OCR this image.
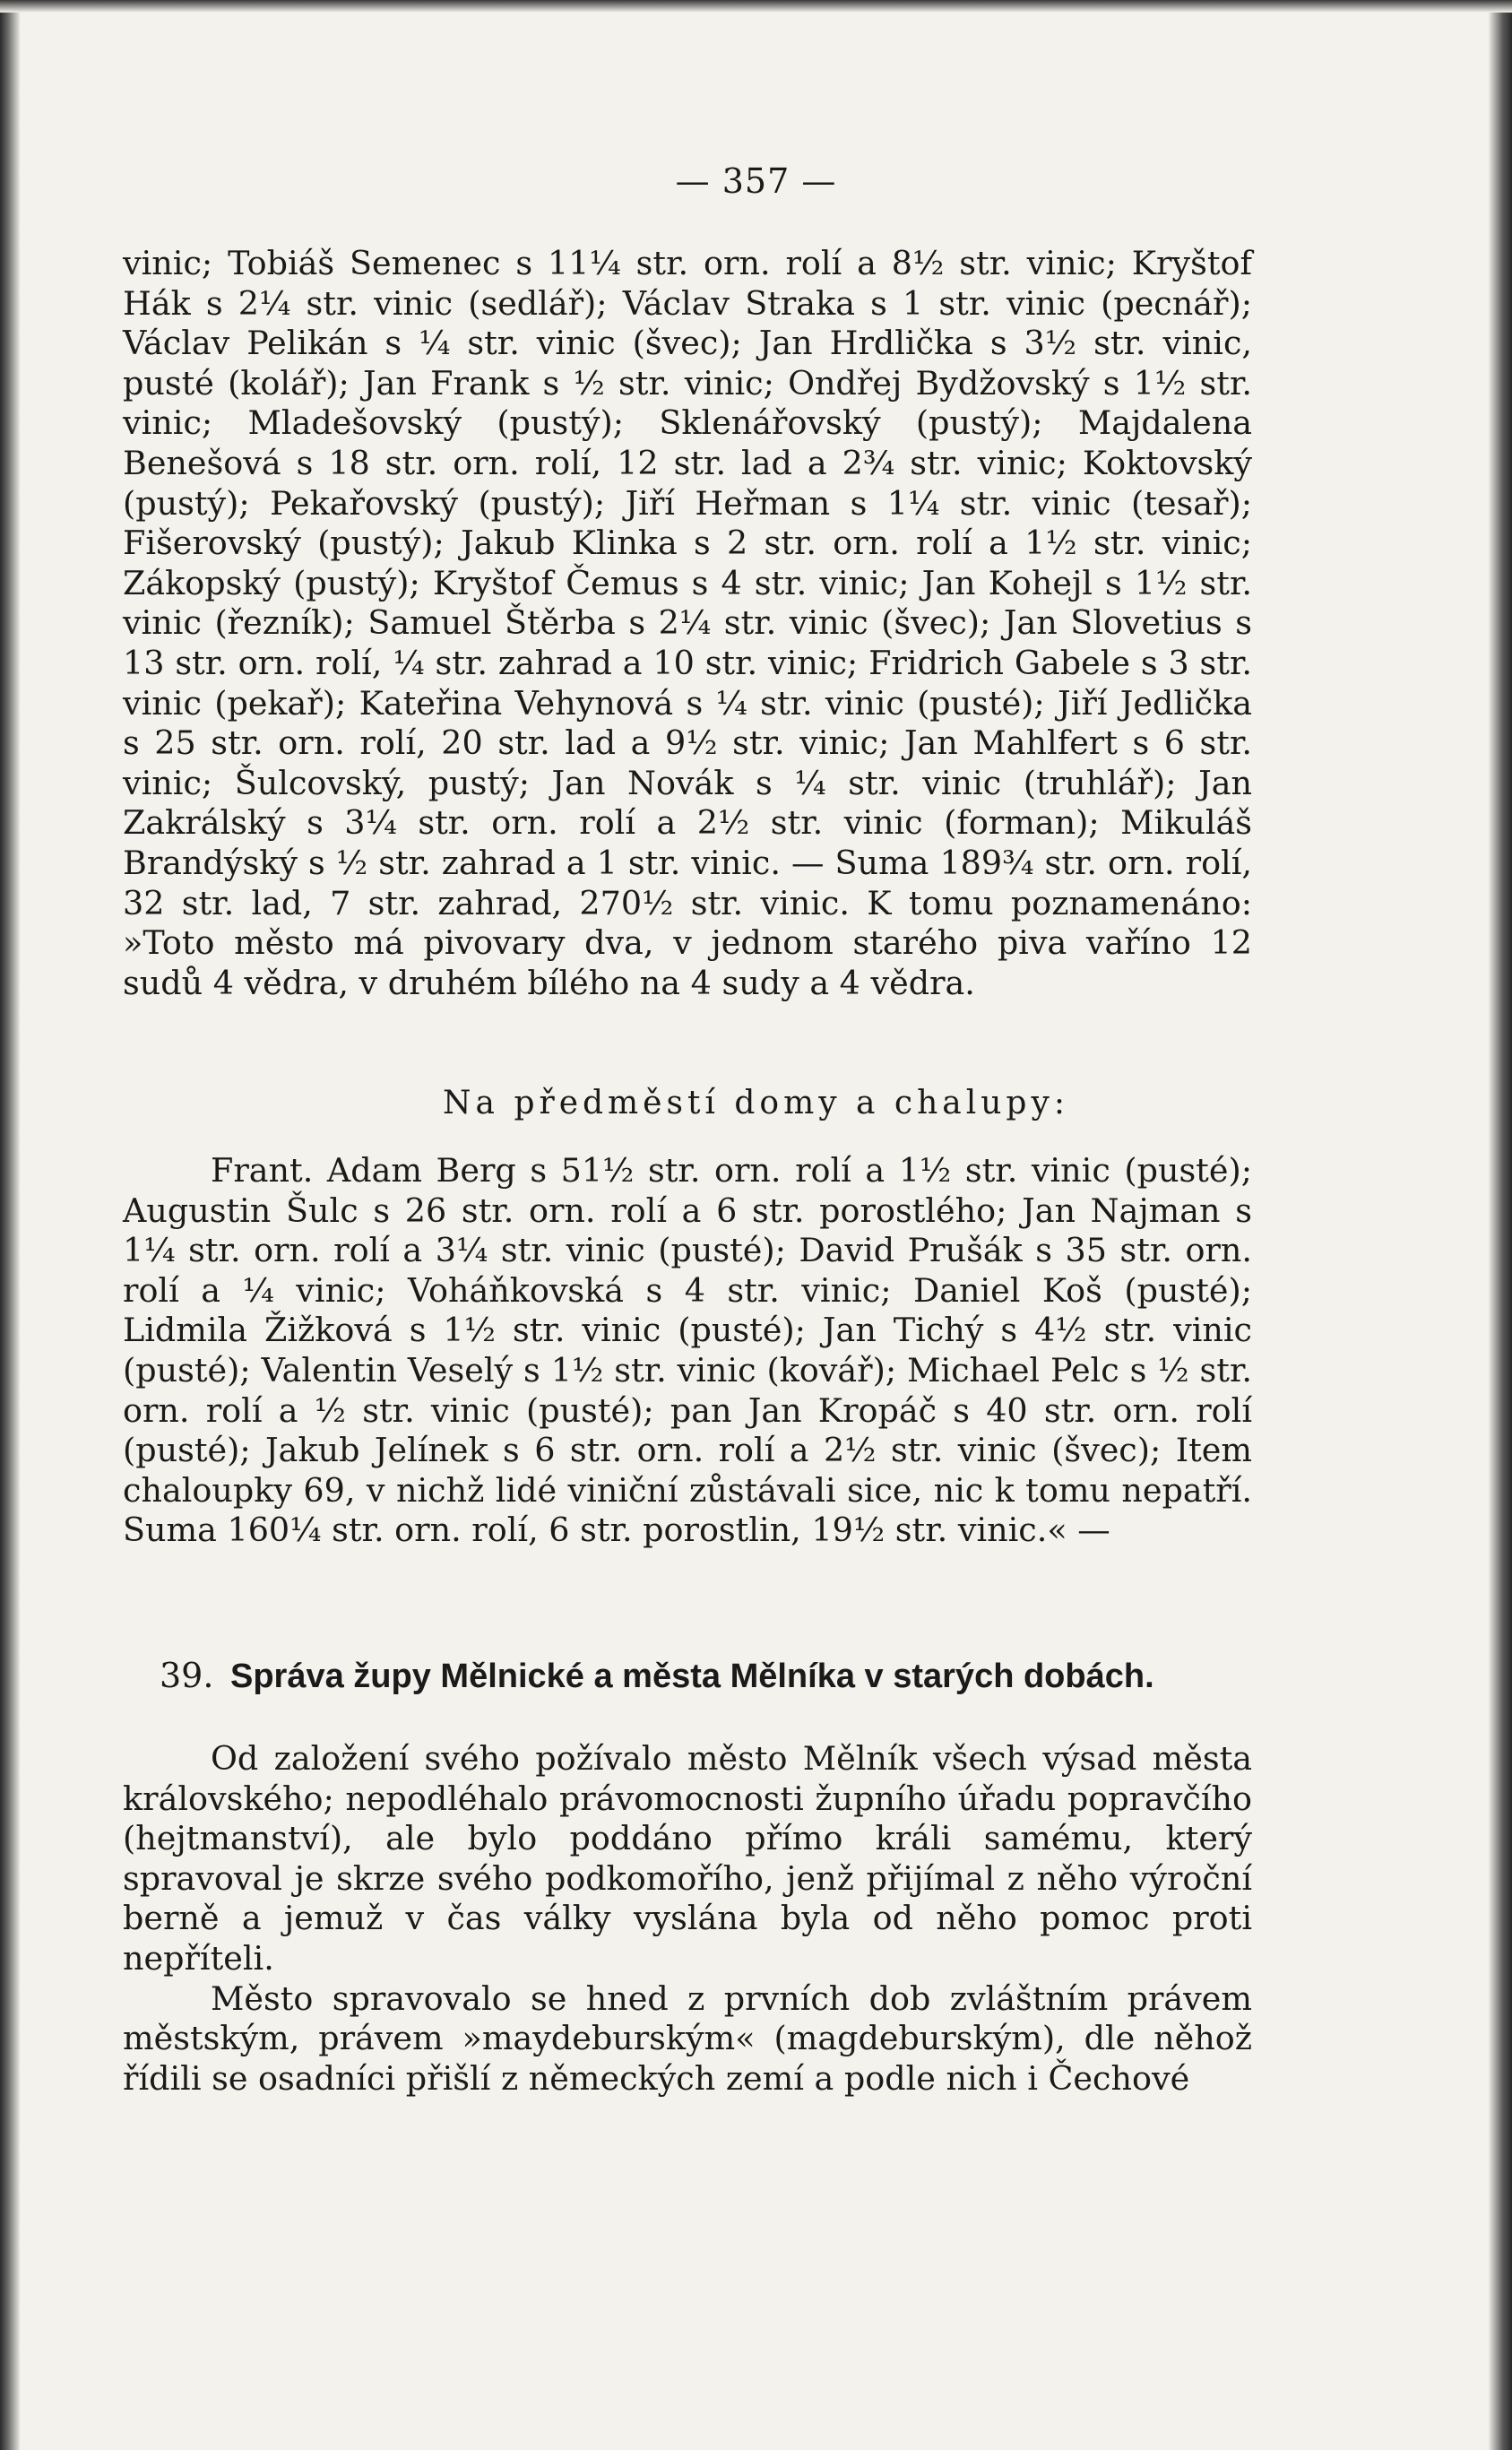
— 357 —

vinic; Tobiáš Semenec s 11¼ str. orn. rolí a 8½ str. vinic; Kryštof Hák s 2¼ str. vinic (sedlář); Václav Straka s 1 str. vinic (pecnář); Václav Pelikán s ¼ str. vinic (švec); Jan Hrdlička s 3½ str. vinic, pusté (kolář); Jan Frank s ½ str. vinic; Ondřej Bydžovský s 1½ str. vinic; Mladešovský (pustý); Sklenářovský (pustý); Majdalena Benešová s 18 str. orn. rolí, 12 str. lad a 2¾ str. vinic; Koktovský (pustý); Pekařovský (pustý); Jiří Heřman s 1¼ str. vinic (tesař); Fišerovský (pustý); Jakub Klinka s 2 str. orn. rolí a 1½ str. vinic; Zákopský (pustý); Kryštof Čemus s 4 str. vinic; Jan Kohejl s 1½ str. vinic (řezník); Samuel Štěrba s 2¼ str. vinic (švec); Jan Slovetius s 13 str. orn. rolí, ¼ str. zahrad a 10 str. vinic; Fridrich Gabele s 3 str. vinic (pekař); Kateřina Vehynová s ¼ str. vinic (pusté); Jiří Jedlička s 25 str. orn. rolí, 20 str. lad a 9½ str. vinic; Jan Mahlfert s 6 str. vinic; Šulcovský, pustý; Jan Novák s ¼ str. vinic (truhlář); Jan Zakrálský s 3¼ str. orn. rolí a 2½ str. vinic (forman); Mikuláš Brandýský s ½ str. zahrad a 1 str. vinic. — Suma 189¾ str. orn. rolí, 32 str. lad, 7 str. zahrad, 270½ str. vinic. K tomu poznamenáno: »Toto město má pivovary dva, v jednom starého piva vaříno 12 sudů 4 vědra, v druhém bílého na 4 sudy a 4 vědra.

Na předměstí domy a chalupy:

Frant. Adam Berg s 51½ str. orn. rolí a 1½ str. vinic (pusté); Augustin Šulc s 26 str. orn. rolí a 6 str. porostlého; Jan Najman s 1¼ str. orn. rolí a 3¼ str. vinic (pusté); David Prušák s 35 str. orn. rolí a ¼ vinic; Voháňkovská s 4 str. vinic; Daniel Koš (pusté); Lidmila Žižková s 1½ str. vinic (pusté); Jan Tichý s 4½ str. vinic (pusté); Valentin Veselý s 1½ str. vinic (kovář); Michael Pelc s ½ str. orn. rolí a ½ str. vinic (pusté); pan Jan Kropáč s 40 str. orn. rolí (pusté); Jakub Jelínek s 6 str. orn. rolí a 2½ str. vinic (švec); Item chaloupky 69, v nichž lidé viniční zůstávali sice, nic k tomu nepatří. Suma 160¼ str. orn. rolí, 6 str. porostlin, 19½ str. vinic.« —

39. Správa župy Mělnické a města Mělníka v starých dobách.

Od založení svého požívalo město Mělník všech výsad města královského; nepodléhalo právomocnosti župního úřadu popravčího (hejtmanství), ale bylo poddáno přímo králi samému, který spravoval je skrze svého podkomořího, jenž přijímal z něho výroční berně a jemuž v čas války vyslána byla od něho pomoc proti nepříteli.

Město spravovalo se hned z prvních dob zvláštním právem městským, právem »maydeburským« (magdeburským), dle něhož řídili se osadníci přišlí z německých zemí a podle nich i Čechové
